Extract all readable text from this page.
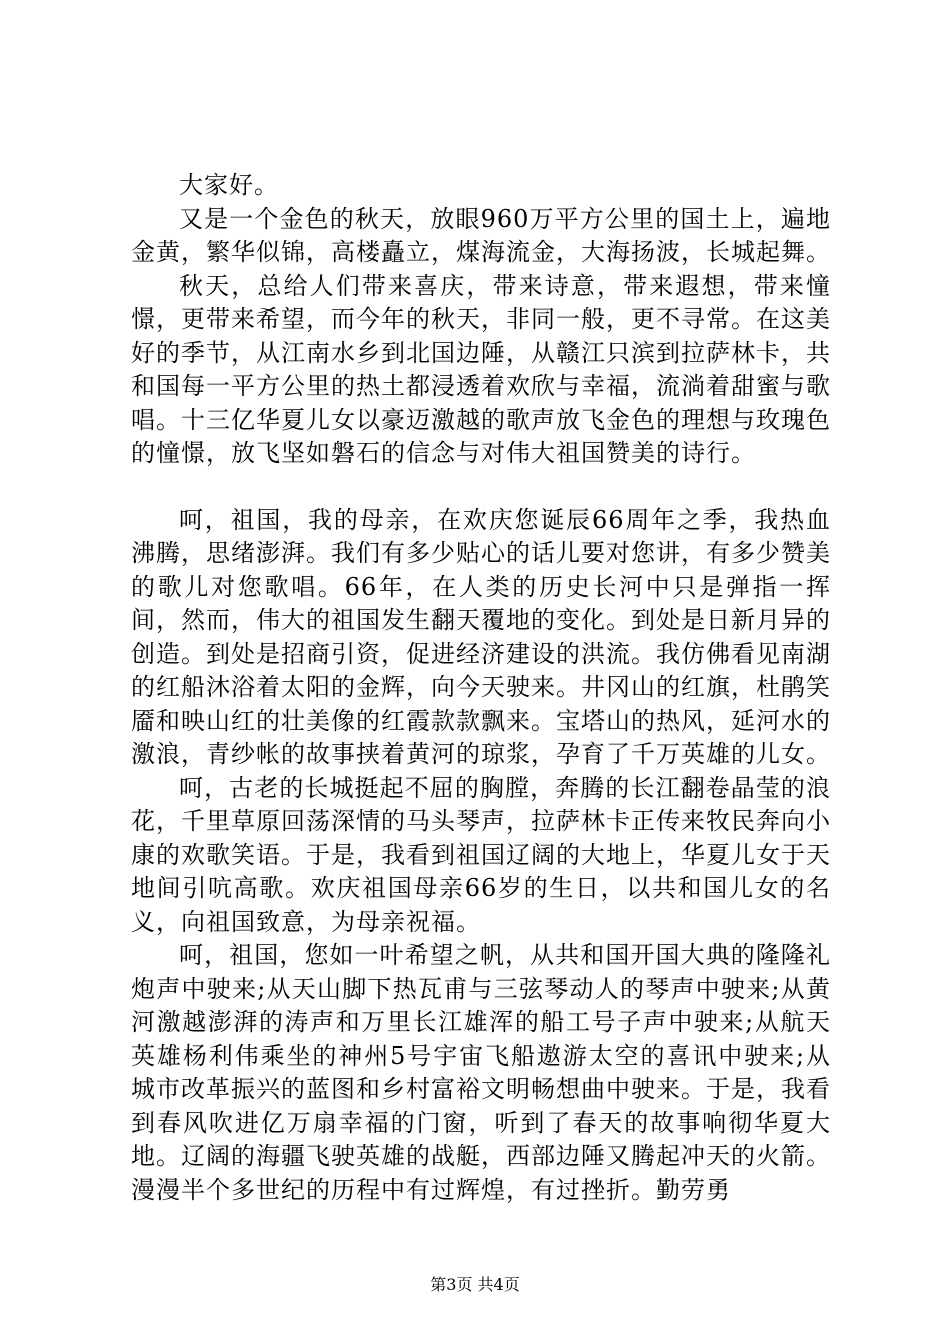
大家好。

又是一个金色的秋天，放眼960万平方公里的国土上，遍地金黄，繁华似锦，高楼矗立，煤海流金，大海扬波，长城起舞。

秋天，总给人们带来喜庆，带来诗意，带来遐想，带来憧憬，更带来希望，而今年的秋天，非同一般，更不寻常。在这美好的季节，从江南水乡到北国边陲，从赣江只滨到拉萨林卡，共和国每一平方公里的热土都浸透着欢欣与幸福，流淌着甜蜜与歌唱。十三亿华夏儿女以豪迈激越的歌声放飞金色的理想与玫瑰色的憧憬，放飞坚如磐石的信念与对伟大祖国赞美的诗行。

呵，祖国，我的母亲，在欢庆您诞辰66周年之季，我热血沸腾，思绪澎湃。我们有多少贴心的话儿要对您讲，有多少赞美的歌儿对您歌唱。66年，在人类的历史长河中只是弹指一挥间，然而，伟大的祖国发生翻天覆地的变化。到处是日新月异的创造。到处是招商引资，促进经济建设的洪流。我仿佛看见南湖的红船沐浴着太阳的金辉，向今天驶来。井冈山的红旗，杜鹃笑靥和映山红的壮美像的红霞款款飘来。宝塔山的热风，延河水的激浪，青纱帐的故事挟着黄河的琼浆，孕育了千万英雄的儿女。

呵，古老的长城挺起不屈的胸膛，奔腾的长江翻卷晶莹的浪花，千里草原回荡深情的马头琴声，拉萨林卡正传来牧民奔向小康的欢歌笑语。于是，我看到祖国辽阔的大地上，华夏儿女于天地间引吭高歌。欢庆祖国母亲66岁的生日，以共和国儿女的名义，向祖国致意，为母亲祝福。

呵，祖国，您如一叶希望之帆，从共和国开国大典的隆隆礼炮声中驶来;从天山脚下热瓦甫与三弦琴动人的琴声中驶来;从黄河激越澎湃的涛声和万里长江雄浑的船工号子声中驶来;从航天英雄杨利伟乘坐的神州5号宇宙飞船遨游太空的喜讯中驶来;从城市改革振兴的蓝图和乡村富裕文明畅想曲中驶来。于是，我看到春风吹进亿万扇幸福的门窗，听到了春天的故事响彻华夏大地。辽阔的海疆飞驶英雄的战艇，西部边陲又腾起冲天的火箭。漫漫半个多世纪的历程中有过辉煌，有过挫折。勤劳勇

第3页 共4页
